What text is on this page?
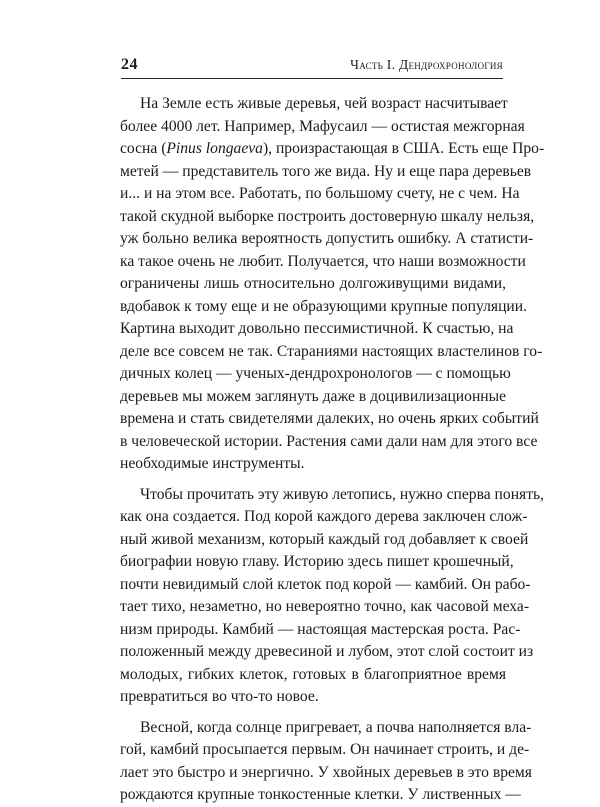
24	Часть I. Дендрохронология
На Земле есть живые деревья, чей возраст насчитывает
более 4000 лет. Например, Мафусаил — остистая межгорная
сосна (Pinus longaeva), произрастающая в США. Есть еще Про-
метей — представитель того же вида. Ну и еще пара деревьев
и... и на этом все. Работать, по большому счету, не с чем. На
такой скудной выборке построить достоверную шкалу нельзя,
уж больно велика вероятность допустить ошибку. А статисти-
ка такое очень не любит. Получается, что наши возможности
ограничены лишь относительно долгоживущими видами,
вдобавок к тому еще и не образующими крупные популяции.
Картина выходит довольно пессимистичной. К счастью, на
деле все совсем не так. Стараниями настоящих властелинов го-
дичных колец — ученых-дендрохронологов — с помощью
деревьев мы можем заглянуть даже в доцивилизационные
времена и стать свидетелями далеких, но очень ярких событий
в человеческой истории. Растения сами дали нам для этого все
необходимые инструменты.
Чтобы прочитать эту живую летопись, нужно сперва понять,
как она создается. Под корой каждого дерева заключен слож-
ный живой механизм, который каждый год добавляет к своей
биографии новую главу. Историю здесь пишет крошечный,
почти невидимый слой клеток под корой — камбий. Он рабо-
тает тихо, незаметно, но невероятно точно, как часовой меха-
низм природы. Камбий — настоящая мастерская роста. Рас-
положенный между древесиной и лубом, этот слой состоит из
молодых, гибких клеток, готовых в благоприятное время
превратиться во что-то новое.
Весной, когда солнце пригревает, а почва наполняется вла-
гой, камбий просыпается первым. Он начинает строить, и де-
лает это быстро и энергично. У хвойных деревьев в это время
рождаются крупные тонкостенные клетки. У лиственных —
